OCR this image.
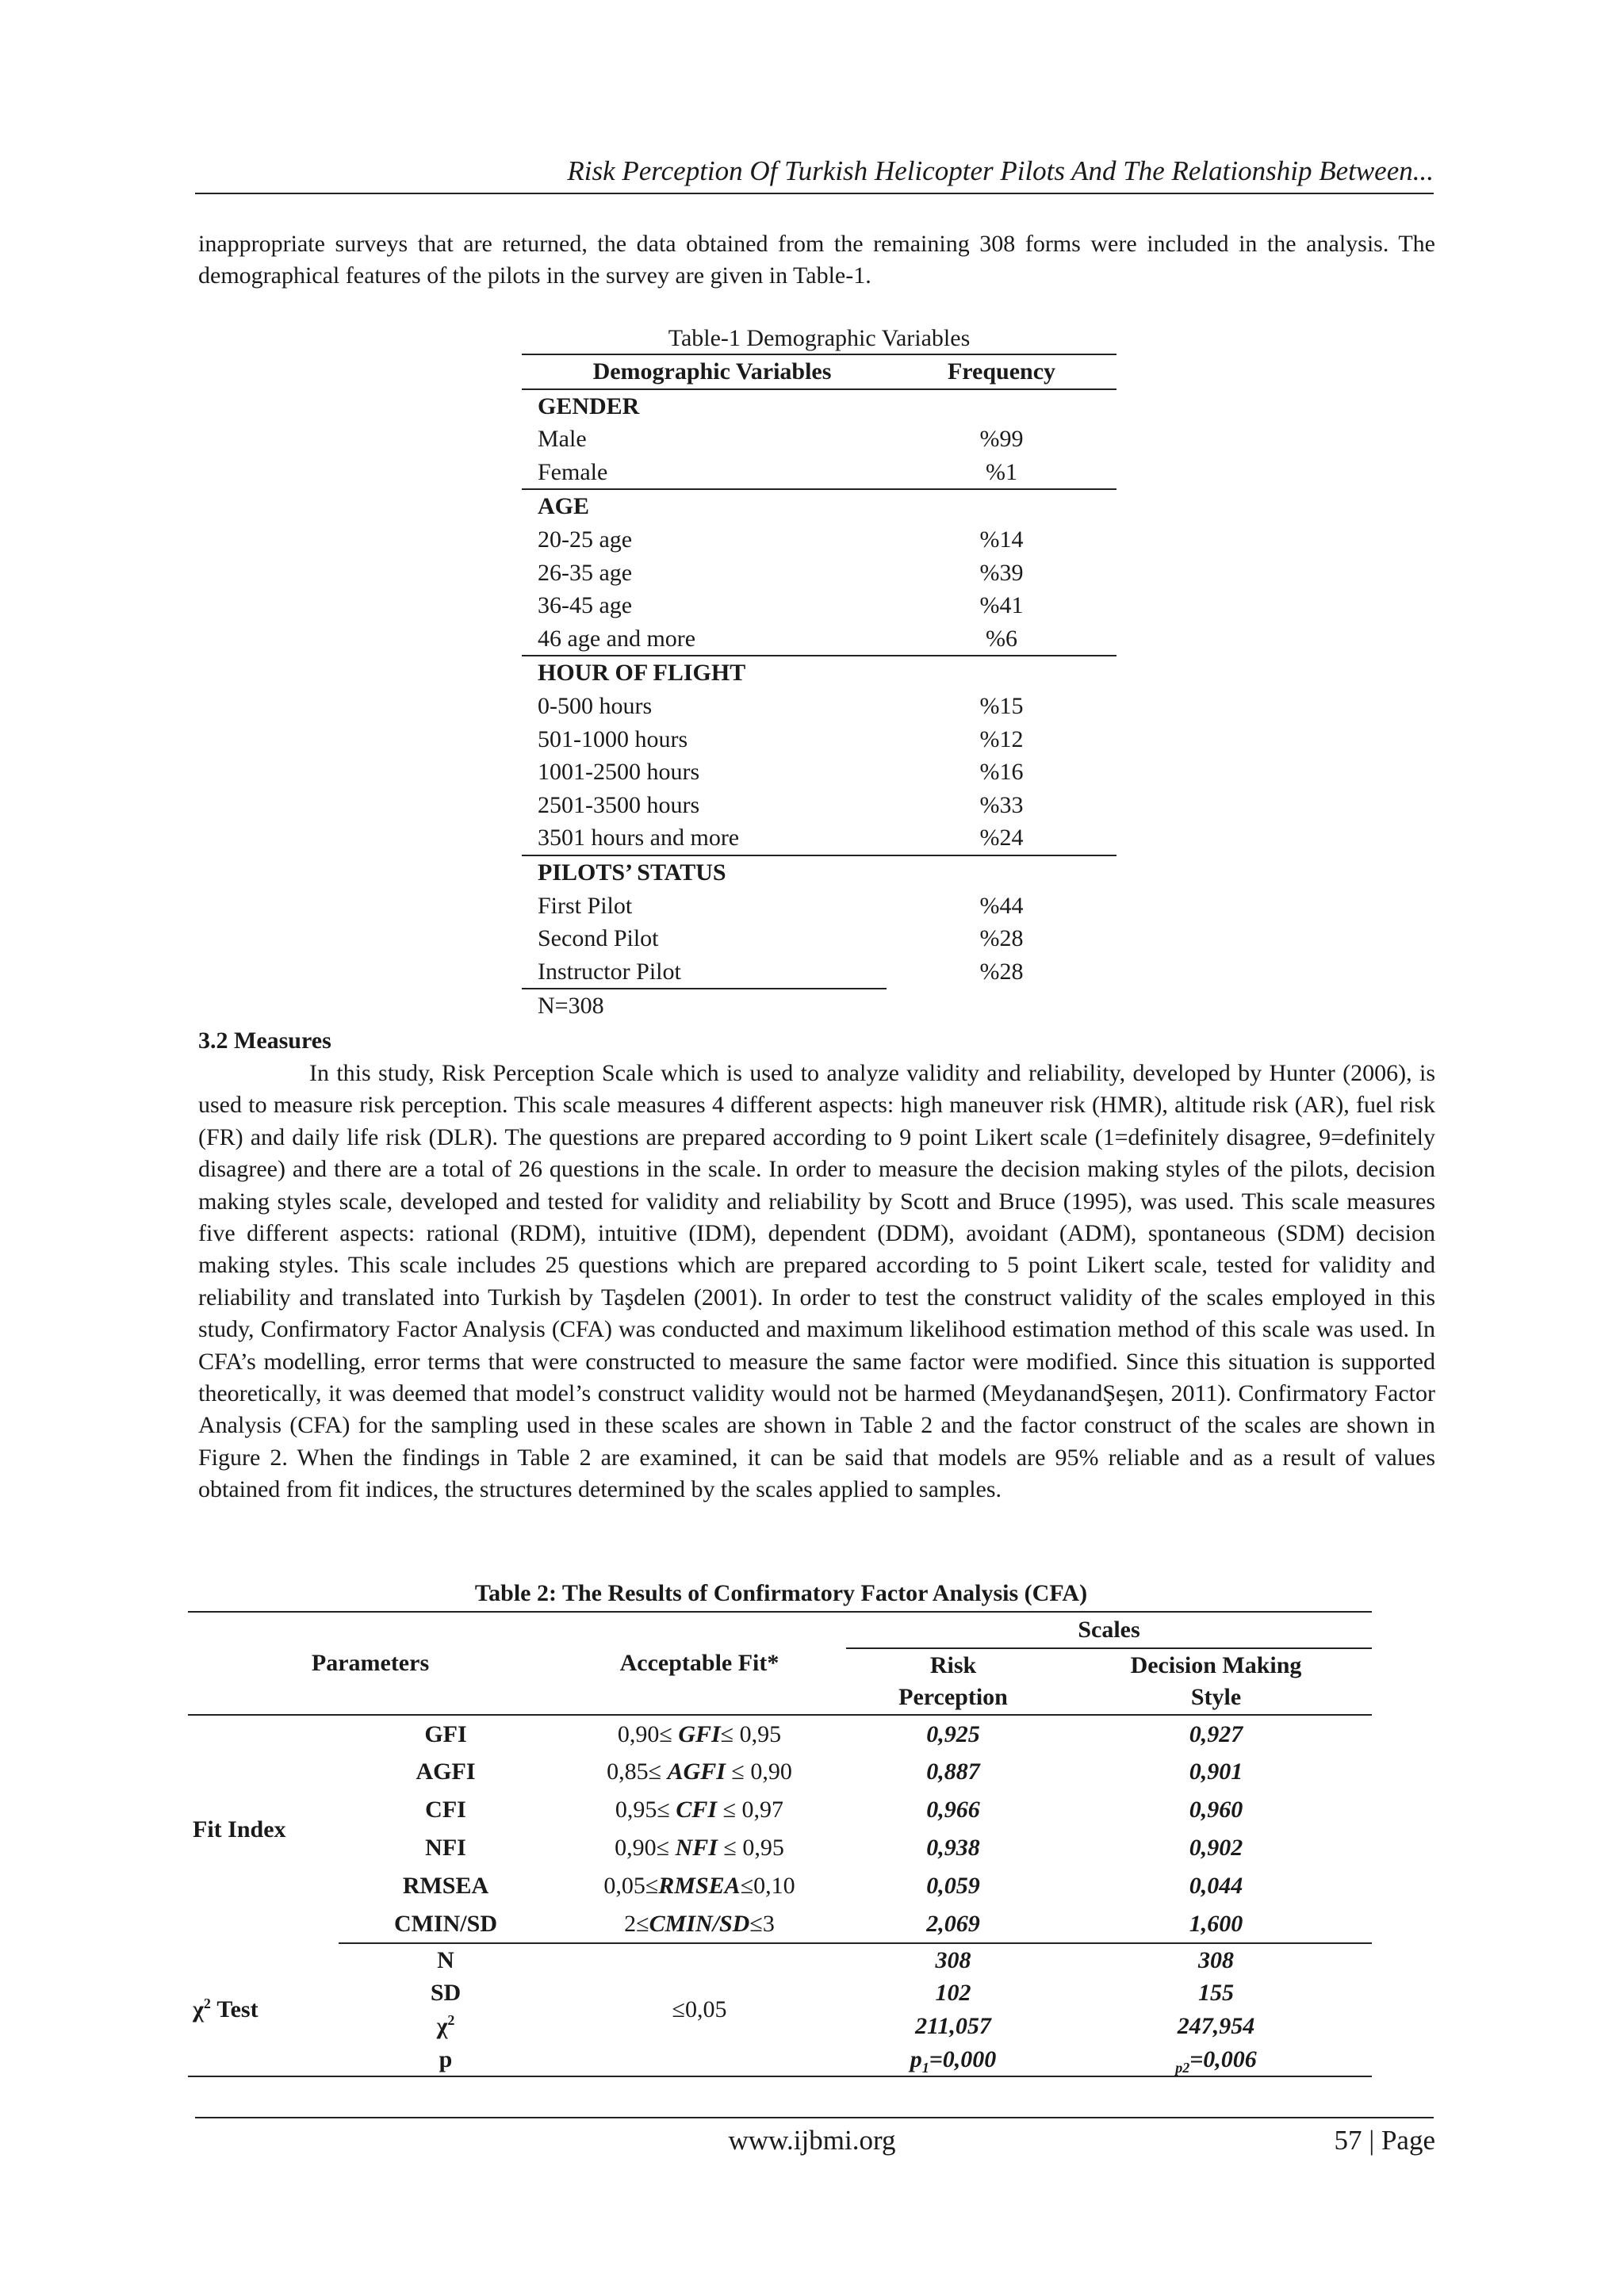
Risk Perception Of Turkish Helicopter Pilots And The Relationship Between...

inappropriate surveys that are returned, the data obtained from the remaining 308 forms were included in the analysis. The demographical features of the pilots in the survey are given in Table-1.

Table-1 Demographic Variables
Demographic Variables	Frequency
GENDER	
Male	%99
Female	%1
AGE	
20-25 age	%14
26-35 age	%39
36-45 age	%41
46 age and more	%6
HOUR OF FLIGHT	
0-500 hours	%15
501-1000 hours	%12
1001-2500 hours	%16
2501-3500 hours	%33
3501 hours and more	%24
PILOTS’ STATUS	
First Pilot	%44
Second Pilot	%28
Instructor Pilot	%28
N=308	
3.2 Measures

In this study, Risk Perception Scale which is used to analyze validity and reliability, developed by Hunter (2006), is used to measure risk perception. This scale measures 4 different aspects: high maneuver risk (HMR), altitude risk (AR), fuel risk (FR) and daily life risk (DLR). The questions are prepared according to 9 point Likert scale (1=definitely disagree, 9=definitely disagree) and there are a total of 26 questions in the scale. In order to measure the decision making styles of the pilots, decision making styles scale, developed and tested for validity and reliability by Scott and Bruce (1995), was used. This scale measures five different aspects: rational (RDM), intuitive (IDM), dependent (DDM), avoidant (ADM), spontaneous (SDM) decision making styles. This scale includes 25 questions which are prepared according to 5 point Likert scale, tested for validity and reliability and translated into Turkish by Taşdelen (2001). In order to test the construct validity of the scales employed in this study, Confirmatory Factor Analysis (CFA) was conducted and maximum likelihood estimation method of this scale was used. In CFA’s modelling, error terms that were constructed to measure the same factor were modified. Since this situation is supported theoretically, it was deemed that model’s construct validity would not be harmed (MeydanandŞeşen, 2011). Confirmatory Factor Analysis (CFA) for the sampling used in these scales are shown in Table 2 and the factor construct of the scales are shown in Figure 2. When the findings in Table 2 are examined, it can be said that models are 95% reliable and as a result of values obtained from fit indices, the structures determined by the scales applied to samples.

Table 2: The Results of Confirmatory Factor Analysis (CFA)
Parameters		Acceptable Fit*	Scales	
			Risk Perception	Decision Making Style
Fit Index	GFI	0,90≤ GFI≤ 0,95	0,925	0,927
	AGFI	0,85≤ AGFI ≤ 0,90	0,887	0,901
	CFI	0,95≤ CFI ≤ 0,97	0,966	0,960
	NFI	0,90≤ NFI ≤ 0,95	0,938	0,902
	RMSEA	0,05≤RMSEA≤0,10	0,059	0,044
	CMIN/SD	2≤CMIN/SD≤3	2,069	1,600
$\chi^2$ Test	N	≤0,05	308	308
	SD		102	155
	$\chi^2$		211,057	247,954
	p		$p_1=0,000$	$_{p2}$=0,006
www.ijbmi.org	57 | Page
